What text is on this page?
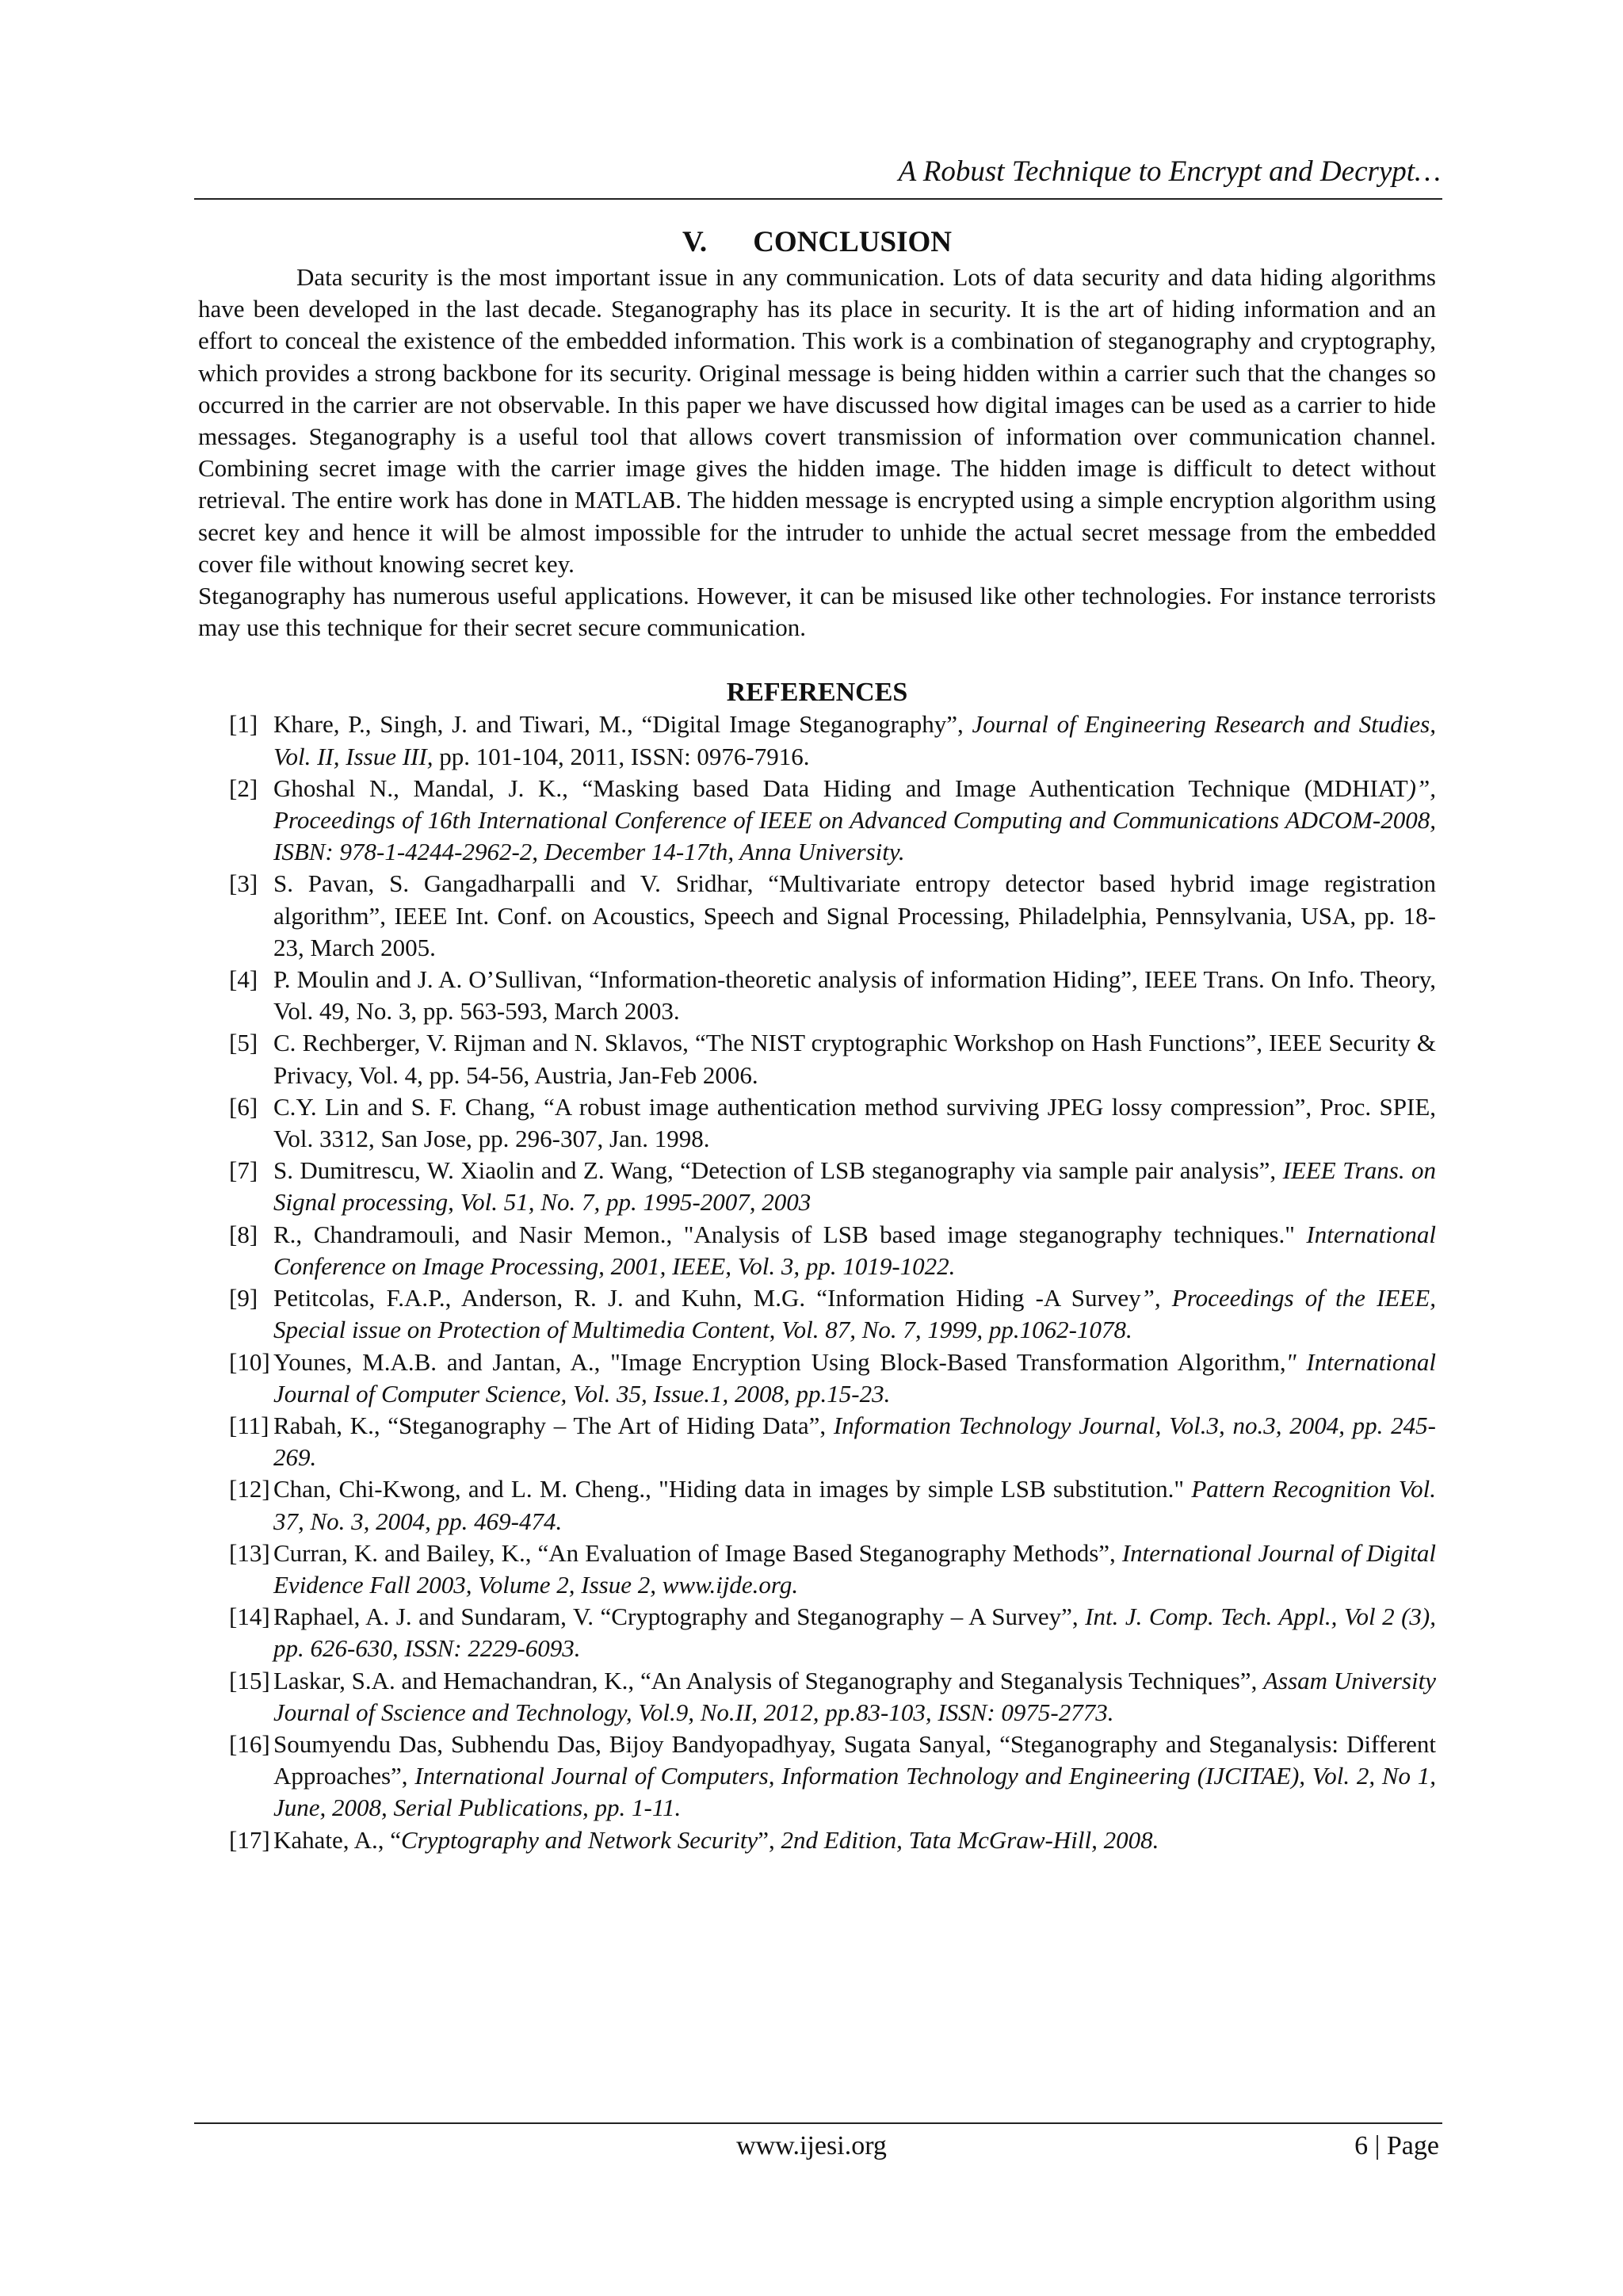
A Robust Technique to Encrypt and Decrypt…
V. CONCLUSION

Data security is the most important issue in any communication. Lots of data security and data hiding algorithms have been developed in the last decade. Steganography has its place in security. It is the art of hiding information and an effort to conceal the existence of the embedded information. This work is a combination of steganography and cryptography, which provides a strong backbone for its security. Original message is being hidden within a carrier such that the changes so occurred in the carrier are not observable. In this paper we have discussed how digital images can be used as a carrier to hide messages. Steganography is a useful tool that allows covert transmission of information over communication channel. Combining secret image with the carrier image gives the hidden image. The hidden image is difficult to detect without retrieval. The entire work has done in MATLAB. The hidden message is encrypted using a simple encryption algorithm using secret key and hence it will be almost impossible for the intruder to unhide the actual secret message from the embedded cover file without knowing secret key.

Steganography has numerous useful applications. However, it can be misused like other technologies. For instance terrorists may use this technique for their secret secure communication.

REFERENCES
[1] Khare, P., Singh, J. and Tiwari, M., “Digital Image Steganography”, Journal of Engineering Research and Studies, Vol. II, Issue III, pp. 101-104, 2011, ISSN: 0976-7916.
[2] Ghoshal N., Mandal, J. K., “Masking based Data Hiding and Image Authentication Technique (MDHIAT)”, Proceedings of 16th International Conference of IEEE on Advanced Computing and Communications ADCOM-2008, ISBN: 978-1-4244-2962-2, December 14-17th, Anna University.
[3] S. Pavan, S. Gangadharpalli and V. Sridhar, “Multivariate entropy detector based hybrid image registration algorithm”, IEEE Int. Conf. on Acoustics, Speech and Signal Processing, Philadelphia, Pennsylvania, USA, pp. 18-23, March 2005.
[4] P. Moulin and J. A. O’Sullivan, “Information-theoretic analysis of information Hiding”, IEEE Trans. On Info. Theory, Vol. 49, No. 3, pp. 563-593, March 2003.
[5] C. Rechberger, V. Rijman and N. Sklavos, “The NIST cryptographic Workshop on Hash Functions”, IEEE Security & Privacy, Vol. 4, pp. 54-56, Austria, Jan-Feb 2006.
[6] C.Y. Lin and S. F. Chang, “A robust image authentication method surviving JPEG lossy compression”, Proc. SPIE, Vol. 3312, San Jose, pp. 296-307, Jan. 1998.
[7] S. Dumitrescu, W. Xiaolin and Z. Wang, “Detection of LSB steganography via sample pair analysis”, IEEE Trans. on Signal processing, Vol. 51, No. 7, pp. 1995-2007, 2003
[8] R., Chandramouli, and Nasir Memon., "Analysis of LSB based image steganography techniques." International Conference on Image Processing, 2001, IEEE, Vol. 3, pp. 1019-1022.
[9] Petitcolas, F.A.P., Anderson, R. J. and Kuhn, M.G. “Information Hiding -A Survey”, Proceedings of the IEEE, Special issue on Protection of Multimedia Content, Vol. 87, No. 7, 1999, pp.1062-1078.
[10] Younes, M.A.B. and Jantan, A., "Image Encryption Using Block-Based Transformation Algorithm," International Journal of Computer Science, Vol. 35, Issue.1, 2008, pp.15-23.
[11] Rabah, K., “Steganography – The Art of Hiding Data”, Information Technology Journal, Vol.3, no.3, 2004, pp. 245-269.
[12] Chan, Chi-Kwong, and L. M. Cheng., "Hiding data in images by simple LSB substitution." Pattern Recognition Vol. 37, No. 3, 2004, pp. 469-474.
[13] Curran, K. and Bailey, K., “An Evaluation of Image Based Steganography Methods”, International Journal of Digital Evidence Fall 2003, Volume 2, Issue 2, www.ijde.org.
[14] Raphael, A. J. and Sundaram, V. “Cryptography and Steganography – A Survey”, Int. J. Comp. Tech. Appl., Vol 2 (3), pp. 626-630, ISSN: 2229-6093.
[15] Laskar, S.A. and Hemachandran, K., “An Analysis of Steganography and Steganalysis Techniques”, Assam University Journal of Sscience and Technology, Vol.9, No.II, 2012, pp.83-103, ISSN: 0975-2773.
[16] Soumyendu Das, Subhendu Das, Bijoy Bandyopadhyay, Sugata Sanyal, “Steganography and Steganalysis: Different Approaches”, International Journal of Computers, Information Technology and Engineering (IJCITAE), Vol. 2, No 1, June, 2008, Serial Publications, pp. 1-11.
[17] Kahate, A., “Cryptography and Network Security”, 2nd Edition, Tata McGraw-Hill, 2008.
www.ijesi.org	6 | Page
